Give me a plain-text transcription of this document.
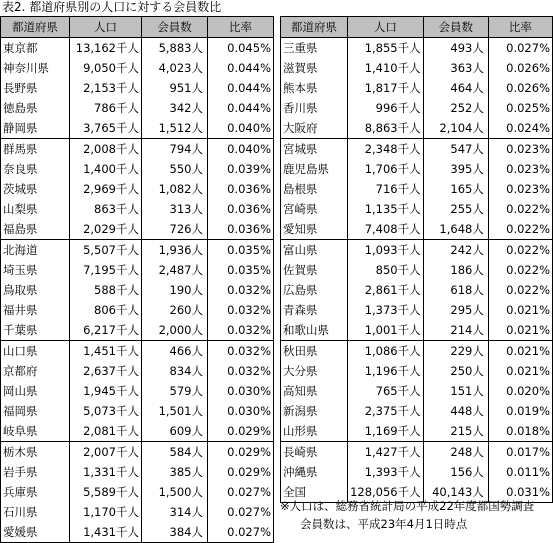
表2. 都道府県別の人口に対する会員数比
都道府県	人口	会員数	比率
東京都	13,162千人	5,883人	0.045%
神奈川県	9,050千人	4,023人	0.044%
長野県	2,153千人	951人	0.044%
徳島県	786千人	342人	0.044%
静岡県	3,765千人	1,512人	0.040%
群馬県	2,008千人	794人	0.040%
奈良県	1,400千人	550人	0.039%
茨城県	2,969千人	1,082人	0.036%
山梨県	863千人	313人	0.036%
福島県	2,029千人	726人	0.036%
北海道	5,507千人	1,936人	0.035%
埼玉県	7,195千人	2,487人	0.035%
鳥取県	588千人	190人	0.032%
福井県	806千人	260人	0.032%
千葉県	6,217千人	2,000人	0.032%
山口県	1,451千人	466人	0.032%
京都府	2,637千人	834人	0.032%
岡山県	1,945千人	579人	0.030%
福岡県	5,073千人	1,501人	0.030%
岐阜県	2,081千人	609人	0.029%
栃木県	2,007千人	584人	0.029%
岩手県	1,331千人	385人	0.029%
兵庫県	5,589千人	1,500人	0.027%
石川県	1,170千人	314人	0.027%
愛媛県	1,431千人	384人	0.027%
都道府県	人口	会員数	比率
三重県	1,855千人	493人	0.027%
滋賀県	1,410千人	363人	0.026%
熊本県	1,817千人	464人	0.026%
香川県	996千人	252人	0.025%
大阪府	8,863千人	2,104人	0.024%
宮城県	2,348千人	547人	0.023%
鹿児島県	1,706千人	395人	0.023%
島根県	716千人	165人	0.023%
宮崎県	1,135千人	255人	0.022%
愛知県	7,408千人	1,648人	0.022%
富山県	1,093千人	242人	0.022%
佐賀県	850千人	186人	0.022%
広島県	2,861千人	618人	0.022%
青森県	1,373千人	295人	0.021%
和歌山県	1,001千人	214人	0.021%
秋田県	1,086千人	229人	0.021%
大分県	1,196千人	250人	0.021%
高知県	765千人	151人	0.020%
新潟県	2,375千人	448人	0.019%
山形県	1,169千人	215人	0.018%
長崎県	1,427千人	248人	0.017%
沖縄県	1,393千人	156人	0.011%
全国	128,056千人	40,143人	0.031%
※人口は、総務省統計局の平成22年度都国勢調査
会員数は、平成23年4月1日時点
